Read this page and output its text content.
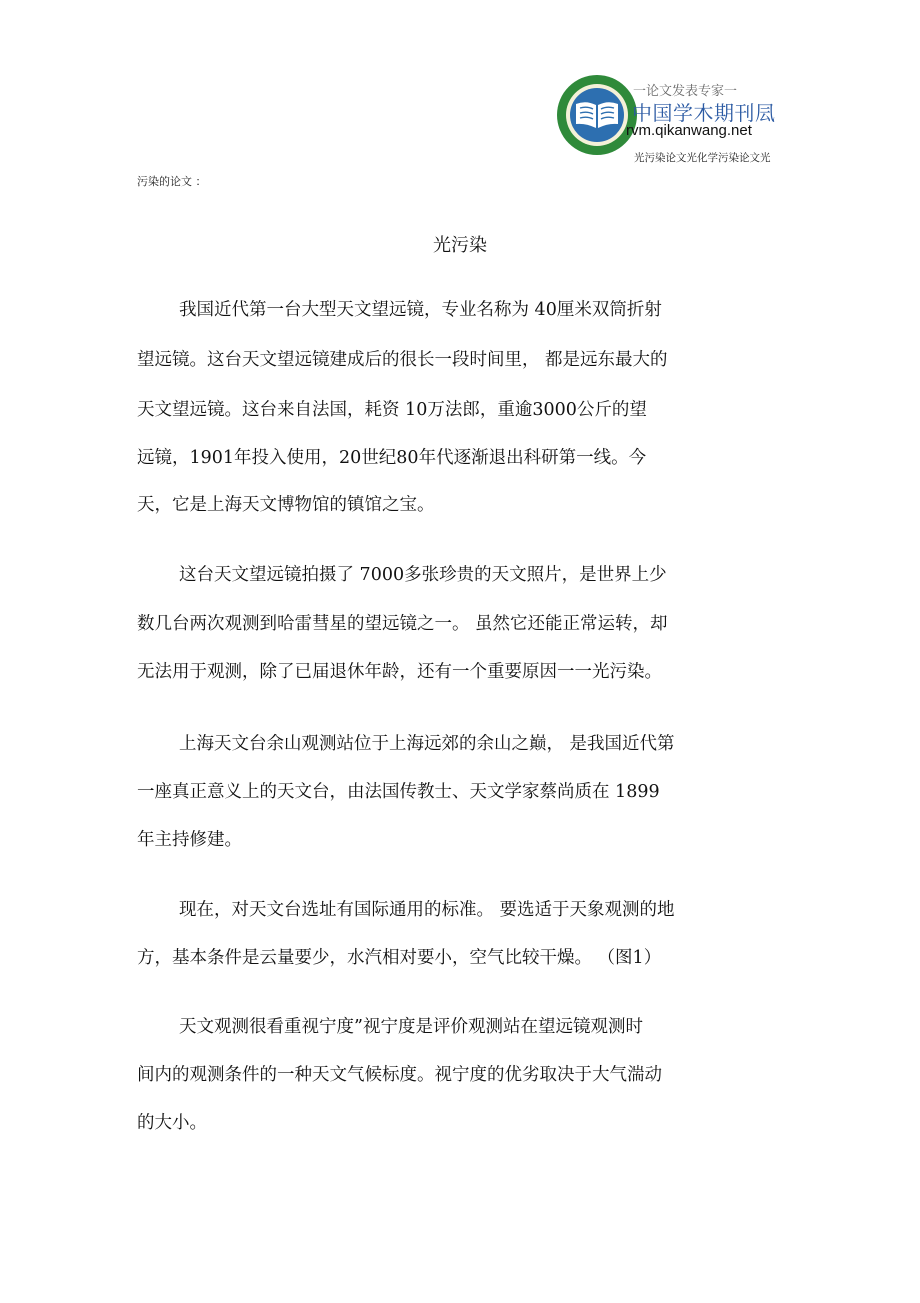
一论文发表专家一
中国学木期刊凨
rvm.qikanwang.net
光污染论文光化学污染论文光
污染的论文 ：
光污染
我国近代第一台大型天文望远镜，专业名称为 40厘米双筒折射
望远镜。这台天文望远镜建成后的很长一段时间里， 都是远东最大的
天文望远镜。这台来自法国，耗资 10万法郎，重逾3000公斤的望
远镜，1901年投入使用，20世纪80年代逐渐退出科研第一线。今
天，它是上海天文博物馆的镇馆之宝。
这台天文望远镜拍摄了 7000多张珍贵的天文照片，是世界上少
数几台两次观测到哈雷彗星的望远镜之一。 虽然它还能正常运转，却
无法用于观测，除了已届退休年龄，还有一个重要原因一一光污染。
上海天文台余山观测站位于上海远郊的余山之巅， 是我国近代第
一座真正意义上的天文台，由法国传教士、天文学家蔡尚质在 1899
年主持修建。
现在，对天文台选址有国际通用的标准。 要选适于天象观测的地
方，基本条件是云量要少，水汽相对要小，空气比较干燥。 （图1）
天文观测很看重视宁度”视宁度是评价观测站在望远镜观测时
间内的观测条件的一种天文气候标度。视宁度的优劣取决于大气湍动
的大小。
